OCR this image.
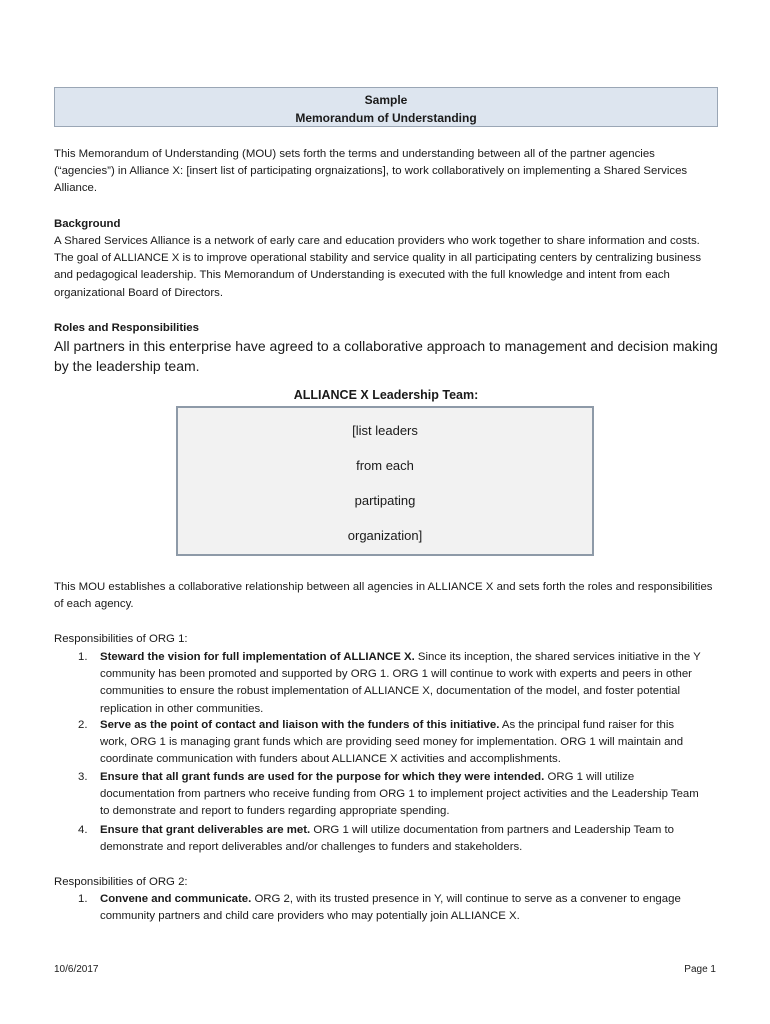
Sample
Memorandum of Understanding
This Memorandum of Understanding (MOU) sets forth the terms and understanding between all of the partner agencies (“agencies”) in Alliance X: [insert list of participating orgnaizations], to work collaboratively on implementing a Shared Services Alliance.
Background
A Shared Services Alliance is a network of early care and education providers who work together to share information and costs. The goal of ALLIANCE X is to improve operational stability and service quality in all participating centers by centralizing business and pedagogical leadership. This Memorandum of Understanding is executed with the full knowledge and intent from each organizational Board of Directors.
Roles and Responsibilities
All partners in this enterprise have agreed to a collaborative approach to management and decision making by the leadership team.
ALLIANCE X Leadership Team:
[list leaders
from each
partipating
organization]
This MOU establishes a collaborative relationship between all agencies in ALLIANCE X and sets forth the roles and responsibilities of each agency.
Responsibilities of ORG 1:
1.	Steward the vision for full implementation of ALLIANCE X. Since its inception, the shared services initiative in the Y community has been promoted and supported by ORG 1. ORG 1 will continue to work with experts and peers in other communities to ensure the robust implementation of ALLIANCE X, documentation of the model, and foster potential replication in other communities.
2.	Serve as the point of contact and liaison with the funders of this initiative. As the principal fund raiser for this work, ORG 1 is managing grant funds which are providing seed money for implementation. ORG 1 will maintain and coordinate communication with funders about ALLIANCE X activities and accomplishments.
3.	Ensure that all grant funds are used for the purpose for which they were intended. ORG 1 will utilize documentation from partners who receive funding from ORG 1 to implement project activities and the Leadership Team to demonstrate and report to funders regarding appropriate spending.
4.	Ensure that grant deliverables are met. ORG 1 will utilize documentation from partners and Leadership Team to demonstrate and report deliverables and/or challenges to funders and stakeholders.
Responsibilities of ORG 2:
1.	Convene and communicate. ORG 2, with its trusted presence in Y, will continue to serve as a convener to engage community partners and child care providers who may potentially join ALLIANCE X.
10/6/2017	Page 1
